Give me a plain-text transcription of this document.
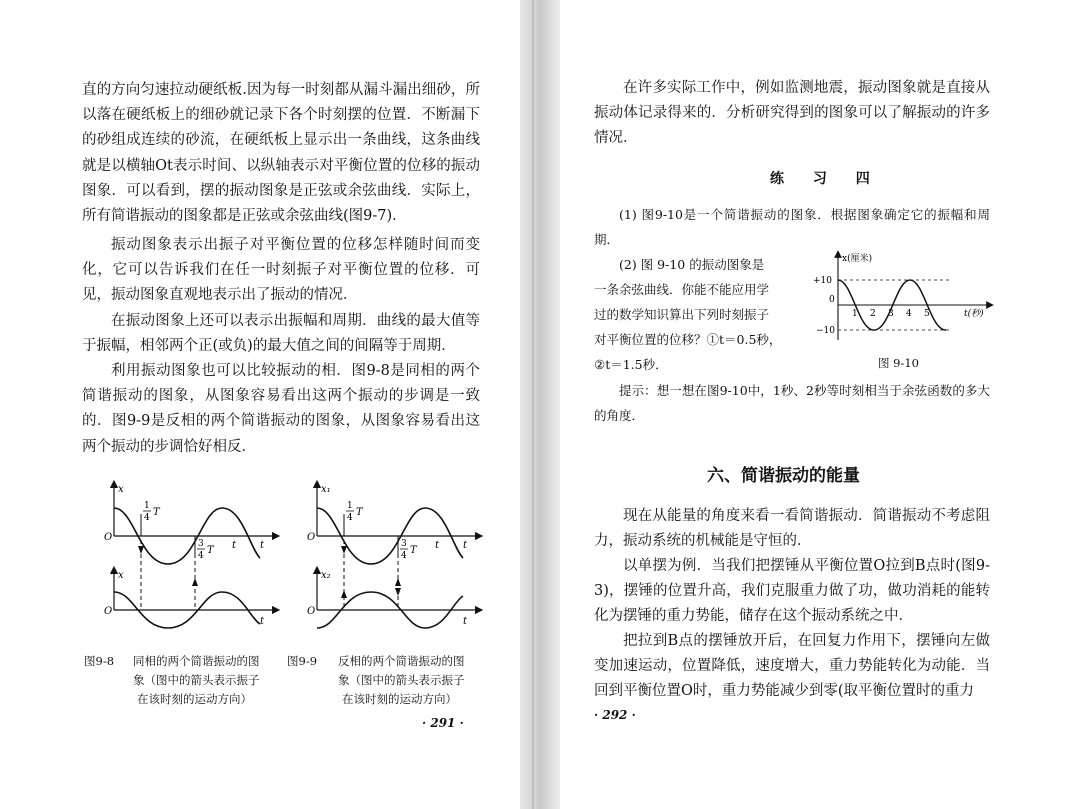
直的方向匀速拉动硬纸板.因为每一时刻都从漏斗漏出细砂，所以落在硬纸板上的细砂就记录下各个时刻摆的位置．不断漏下的砂组成连续的砂流，在硬纸板上显示出一条曲线，这条曲线就是以横轴Ot表示时间、以纵轴表示对平衡位置的位移的振动图象．可以看到，摆的振动图象是正弦或余弦曲线．实际上，所有简谐振动的图象都是正弦或余弦曲线(图9-7)．
振动图象表示出振子对平衡位置的位移怎样随时间而变化，它可以告诉我们在任一时刻振子对平衡位置的位移．可见，振动图象直观地表示出了振动的情况．
在振动图象上还可以表示出振幅和周期．曲线的最大值等于振幅，相邻两个正(或负)的最大值之间的间隔等于周期．
利用振动图象也可以比较振动的相．图9-8是同相的两个简谐振动的图象，从图象容易看出这两个振动的步调是一致的．图9-9是反相的两个简谐振动的图象，从图象容易看出这两个振动的步调恰好相反．
x
O
t
t
1
4 T
3
4 T
x
O
t
x₁
O
t
t
1
4 T
3
4 T
x₂
O
t
图9-8 同相的两个简谐振动的图
象（图中的箭头表示振子
在该时刻的运动方向）
图9-9 反相的两个简谐振动的图
象（图中的箭头表示振子
在该时刻的运动方向）
· 291 ·
在许多实际工作中，例如监测地震，振动图象就是直接从振动体记录得来的．分析研究得到的图象可以了解振动的许多情况．
练 习 四
(1) 图9-10是一个简谐振动的图象．根据图象确定它的振幅和周期．
(2) 图 9-10 的振动图象是
一条余弦曲线．你能不能应用学
过的数学知识算出下列时刻振子
对平衡位置的位移？①t＝0.5秒，
②t＝1.5秒．
x(厘米)
+10
−10
0
t(秒)
1 2 3 4 5
图 9-10
提示：想一想在图9-10中，1秒、2秒等时刻相当于余弦函数的多大的角度．
六、简谐振动的能量
现在从能量的角度来看一看简谐振动．简谐振动不考虑阻力，振动系统的机械能是守恒的．
以单摆为例．当我们把摆锤从平衡位置O拉到B点时(图9-3)，摆锤的位置升高，我们克服重力做了功，做功消耗的能转化为摆锤的重力势能，储存在这个振动系统之中．
把拉到B点的摆锤放开后，在回复力作用下，摆锤向左做变加速运动，位置降低，速度增大，重力势能转化为动能．当回到平衡位置O时，重力势能减少到零(取平衡位置时的重力
· 292 ·
